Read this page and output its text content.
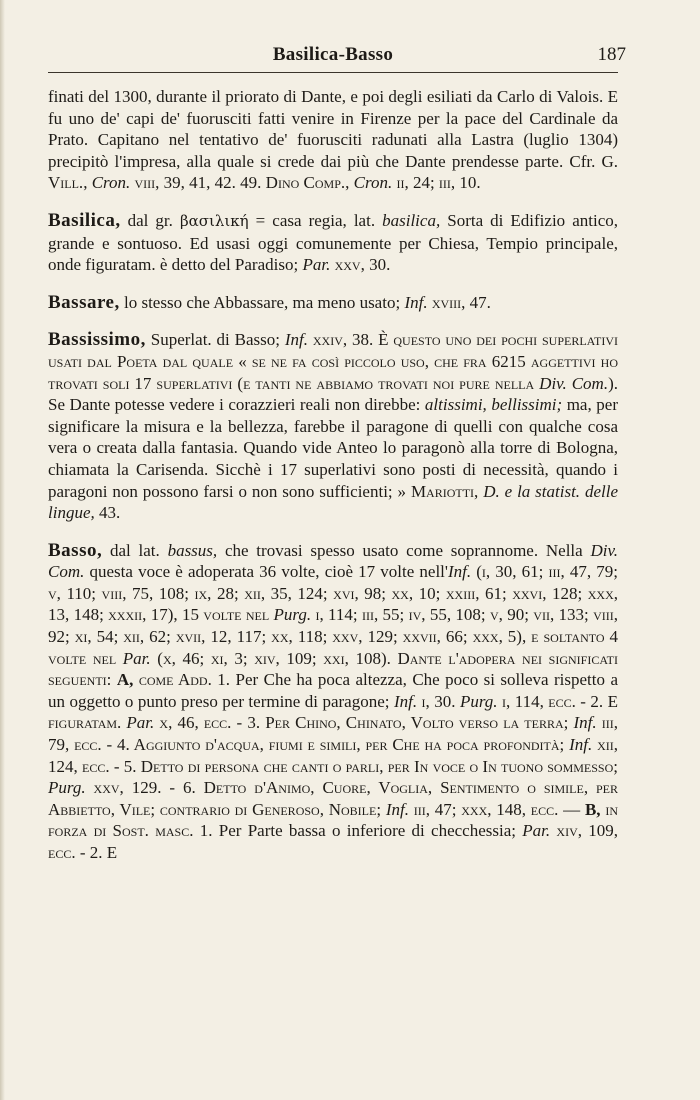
Basilica-Basso	187

finati del 1300, durante il priorato di Dante, e poi degli esiliati da Carlo di Valois. E fu uno de' capi de' fuorusciti fatti venire in Firenze per la pace del Cardinale da Prato. Capitano nel tentativo de' fuorusciti radunati alla Lastra (luglio 1304) precipitò l'impresa, alla quale si crede dai più che Dante prendesse parte. Cfr. G. Vill., Cron. viii, 39, 41, 42. 49. Dino Comp., Cron. ii, 24; iii, 10.

Basilica, dal gr. βασιλική = casa regia, lat. basilica, Sorta di Edifizio antico, grande e sontuoso. Ed usasi oggi comunemente per Chiesa, Tempio principale, onde figuratam. è detto del Paradiso; Par. xxv, 30.

Bassare, lo stesso che Abbassare, ma meno usato; Inf. xviii, 47.

Bassissimo, Superlat. di Basso; Inf. xxiv, 38. È questo uno dei pochi superlativi usati dal Poeta dal quale « se ne fa così piccolo uso, che fra 6215 aggettivi ho trovati soli 17 superlativi (e tanti ne abbiamo trovati noi pure nella Div. Com.). Se Dante potesse vedere i corazzieri reali non direbbe: altissimi, bellissimi; ma, per significare la misura e la bellezza, farebbe il paragone di quelli con qualche cosa vera o creata dalla fantasia. Quando vide Anteo lo paragonò alla torre di Bologna, chiamata la Carisenda. Sicchè i 17 superlativi sono posti di necessità, quando i paragoni non possono farsi o non sono sufficienti; » Mariotti, D. e la statist. delle lingue, 43.

Basso, dal lat. bassus, che trovasi spesso usato come soprannome. Nella Div. Com. questa voce è adoperata 36 volte, cioè 17 volte nell'Inf. (i, 30, 61; iii, 47, 79; v, 110; viii, 75, 108; ix, 28; xii, 35, 124; xvi, 98; xx, 10; xxiii, 61; xxvi, 128; xxx, 13, 148; xxxii, 17), 15 volte nel Purg. i, 114; iii, 55; iv, 55, 108; v, 90; vii, 133; viii, 92; xi, 54; xii, 62; xvii, 12, 117; xx, 118; xxv, 129; xxvii, 66; xxx, 5), e soltanto 4 volte nel Par. (x, 46; xi, 3; xiv, 109; xxi, 108). Dante l'adopera nei significati seguenti: A, come Add. 1. Per Che ha poca altezza, Che poco si solleva rispetto a un oggetto o punto preso per termine di paragone; Inf. i, 30. Purg. i, 114, ecc. - 2. E figuratam. Par. x, 46, ecc. - 3. Per Chino, Chinato, Volto verso la terra; Inf. iii, 79, ecc. - 4. Aggiunto d'acqua, fiumi e simili, per Che ha poca profondità; Inf. xii, 124, ecc. - 5. Detto di persona che canti o parli, per In voce o In tuono sommesso; Purg. xxv, 129. - 6. Detto d'Animo, Cuore, Voglia, Sentimento o simile, per Abbietto, Vile; contrario di Generoso, Nobile; Inf. iii, 47; xxx, 148, ecc. — B, in forza di Sost. masc. 1. Per Parte bassa o inferiore di checchessia; Par. xiv, 109, ecc. - 2. E
